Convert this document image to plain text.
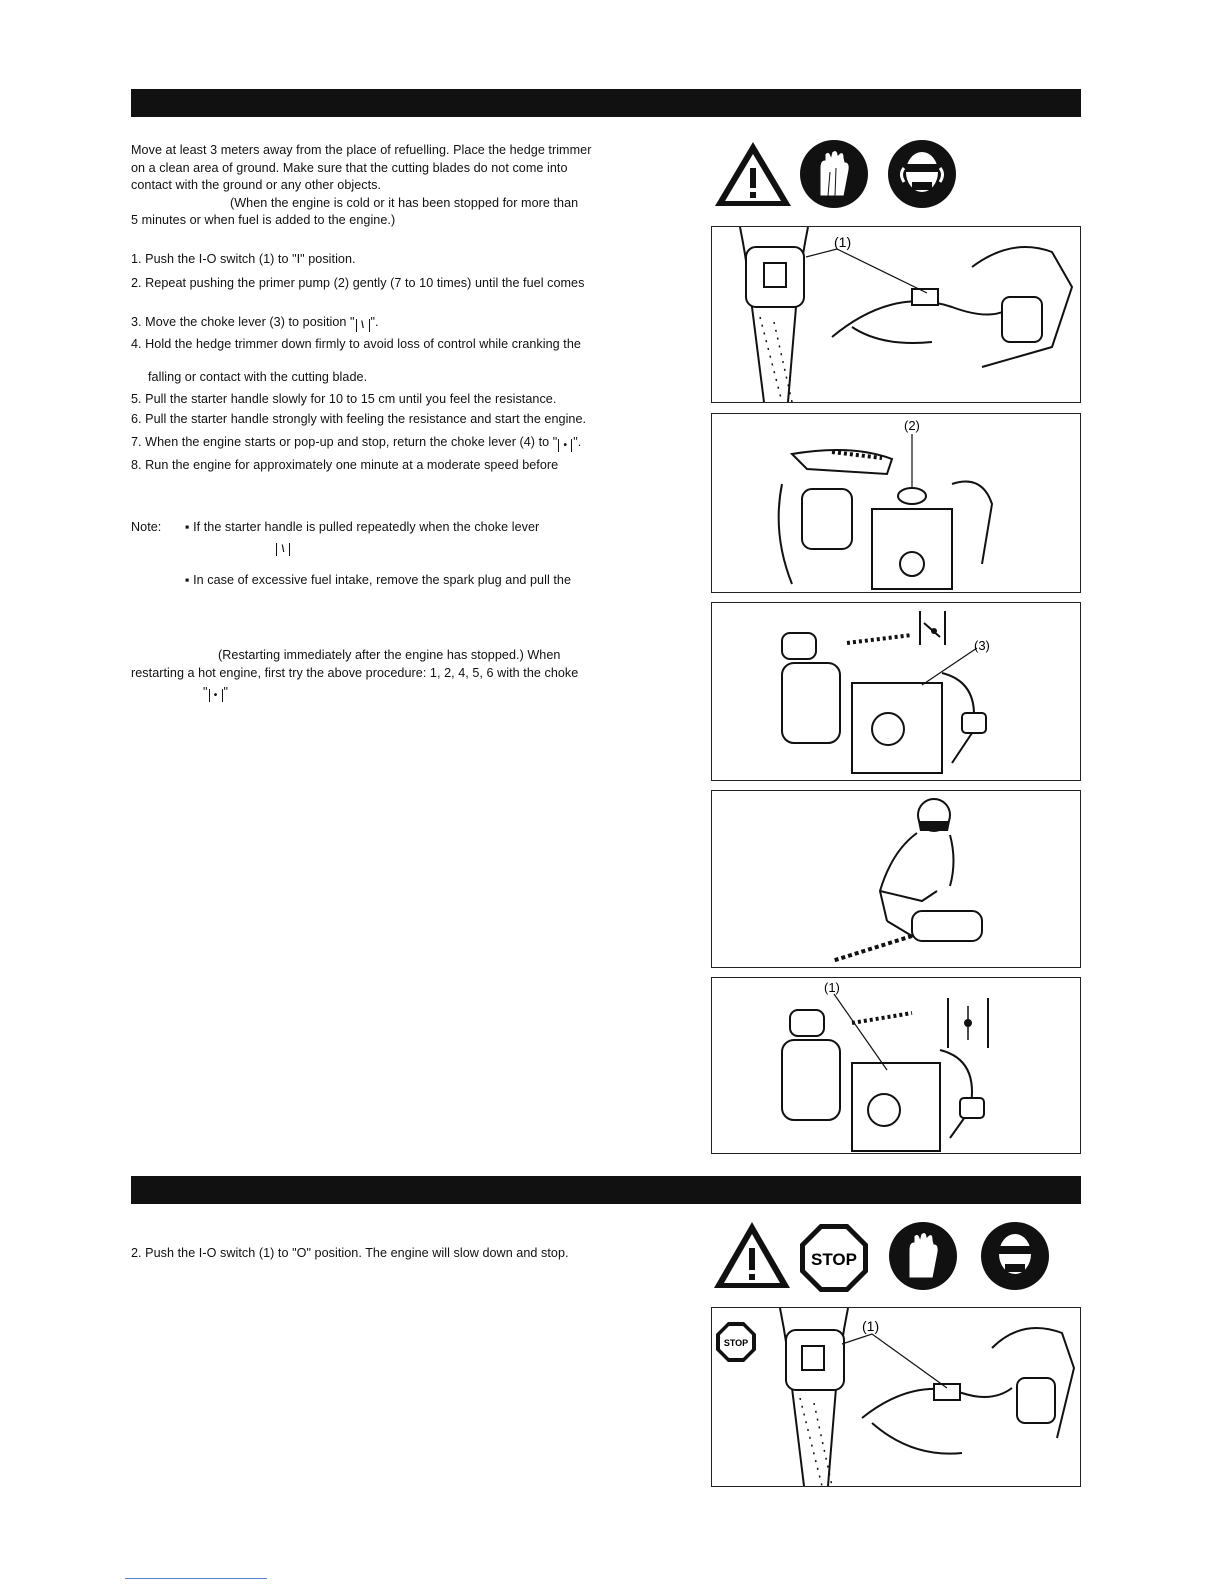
Move at least 3 meters away from the place of refuelling. Place the hedge trimmer
on a clean area of ground. Make sure that the cutting blades do not come into
contact with the ground or any other objects.
(When the engine is cold or it has been stopped for more than
5 minutes or when fuel is added to the engine.)
1. Push the I-O switch (1) to "I" position.
2. Repeat pushing the primer pump (2) gently (7 to 10 times) until the fuel comes
3. Move the choke lever (3) to position " \ ".
4. Hold the hedge trimmer down firmly to avoid loss of control while cranking the
falling or contact with the cutting blade.
5. Pull the starter handle slowly for 10 to 15 cm until you feel the resistance.
6. Pull the starter handle strongly with feeling the resistance and start the engine.
7. When the engine starts or pop-up and stop, return the choke lever (4) to " • ".
8. Run the engine for approximately one minute at a moderate speed before
Note: ▪ If the starter handle is pulled repeatedly when the choke lever
\
▪ In case of excessive fuel intake, remove the spark plug and pull the
(Restarting immediately after the engine has stopped.) When
restarting a hot engine, first try the above procedure: 1, 2, 4, 5, 6 with the choke
" • "
(1)
(2)
(3)
(1)
2. Push the I-O switch (1) to "O" position. The engine will slow down and stop.	STOP
STOP
(1)
